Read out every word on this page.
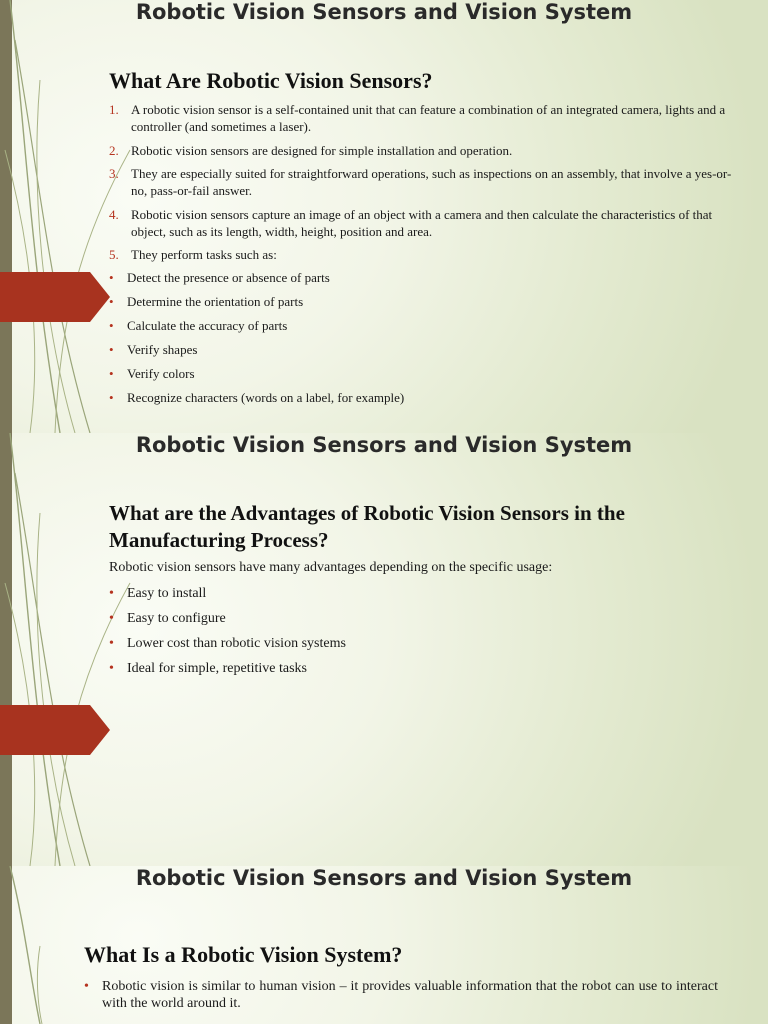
Robotic Vision Sensors and Vision System
What Are Robotic Vision Sensors?
1. A robotic vision sensor is a self-contained unit that can feature a combination of an integrated camera, lights and a controller (and sometimes a laser).
2. Robotic vision sensors are designed for simple installation and operation.
3. They are especially suited for straightforward operations, such as inspections on an assembly, that involve a yes-or-no, pass-or-fail answer.
4. Robotic vision sensors capture an image of an object with a camera and then calculate the characteristics of that object, such as its length, width, height, position and area.
5. They perform tasks such as:
• Detect the presence or absence of parts
• Determine the orientation of parts
• Calculate the accuracy of parts
• Verify shapes
• Verify colors
• Recognize characters (words on a label, for example)
Robotic Vision Sensors and Vision System
What are the Advantages of Robotic Vision Sensors in the Manufacturing Process?

Robotic vision sensors have many advantages depending on the specific usage:

• Easy to install
• Easy to configure
• Lower cost than robotic vision systems
• Ideal for simple, repetitive tasks
Robotic Vision Sensors and Vision System
What Is a Robotic Vision System?
• Robotic vision is similar to human vision – it provides valuable information that the robot can use to interact with the world around it.
